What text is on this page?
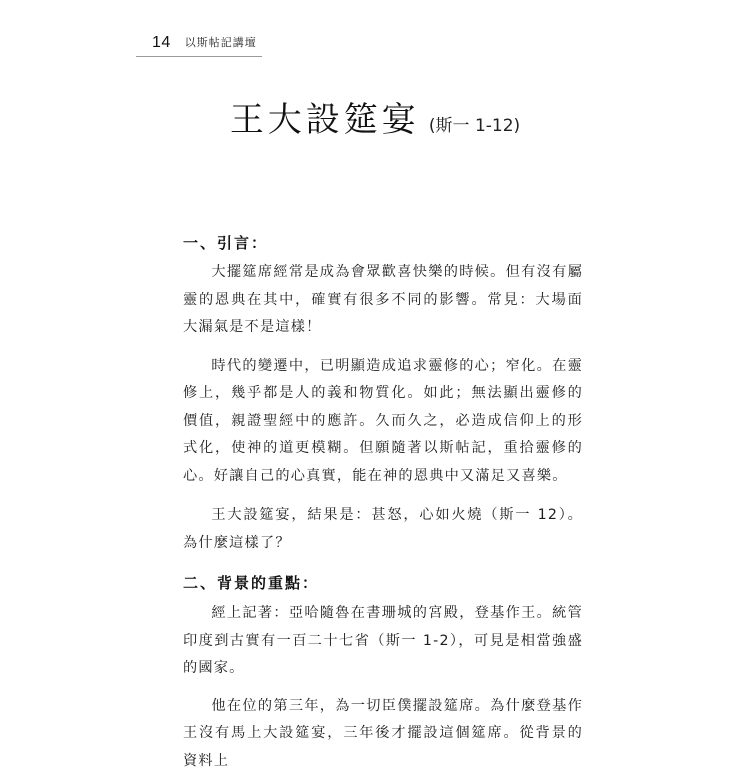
14 以斯帖記講壇
王大設筵宴 (斯一 1-12)

一、引言：

大擺筵席經常是成為會眾歡喜快樂的時候。但有沒有屬靈的恩典在其中，確實有很多不同的影響。常見：大場面大漏氣是不是這樣！

時代的變遷中，已明顯造成追求靈修的心；窄化。在靈修上，幾乎都是人的義和物質化。如此；無法顯出靈修的價值，親證聖經中的應許。久而久之，必造成信仰上的形式化，使神的道更模糊。但願隨著以斯帖記，重拾靈修的心。好讓自己的心真實，能在神的恩典中又滿足又喜樂。

王大設筵宴，結果是：甚怒，心如火燒（斯一 12）。為什麼這樣了？

二、背景的重點：

經上記著：亞哈隨魯在書珊城的宮殿，登基作王。統管印度到古實有一百二十七省（斯一 1-2），可見是相當強盛的國家。

他在位的第三年，為一切臣僕擺設筵席。為什麼登基作王沒有馬上大設筵宴，三年後才擺設這個筵席。從背景的資料上
